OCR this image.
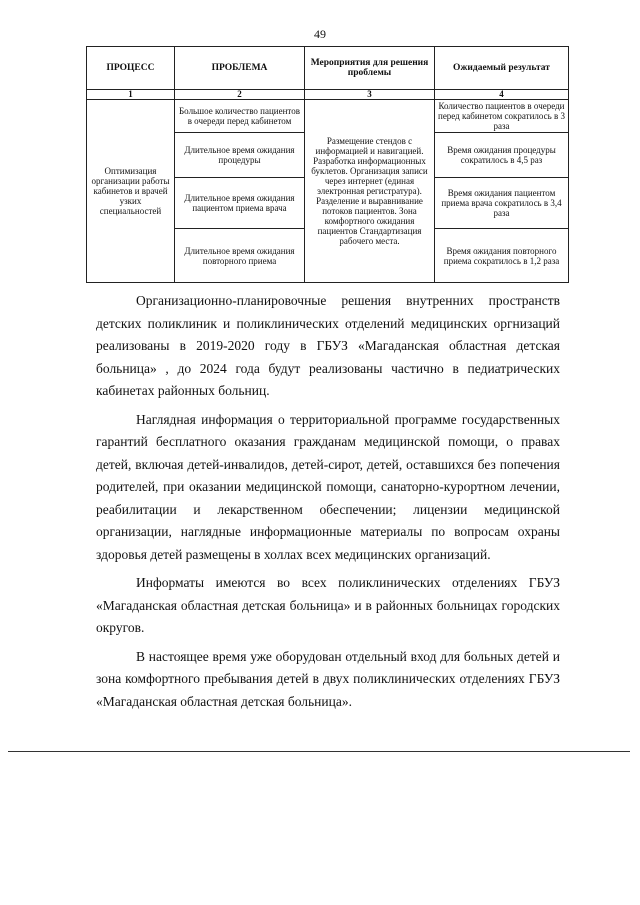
49
ПРОЦЕСС	ПРОБЛЕМА	Мероприятия для решения проблемы	Ожидаемый результат
1	2	3	4
Оптимизация организации работы кабинетов и врачей узких специальностей	Большое количество пациентов в очереди перед кабинетом	Размещение стендов с информацией и навигацией. Разработка информационных буклетов. Организация записи через интернет (единая электронная регистратура). Разделение и выравнивание потоков пациентов. Зона комфортного ожидания пациентов Стандартизация рабочего места.	Количество пациентов в очереди перед кабинетом сократилось в 3 раза
	Длительное время ожидания процедуры		Время ожидания процедуры сократилось в 4,5 раз
	Длительное время ожидания пациентом приема врача		Время ожидания пациентом приема врача сократилось в 3,4 раза
	Длительное время ожидания повторного приема		Время ожидания повторного приема сократилось в 1,2 раза

Организационно-планировочные решения внутренних пространств детских поликлиник и поликлинических отделений медицинских оргнизаций реализованы в 2019-2020 году в ГБУЗ «Магаданская областная детская больница» , до 2024 года будут реализованы частично в педиатрических кабинетах районных больниц.

Наглядная информация о территориальной программе государственных гарантий бесплатного оказания гражданам медицинской помощи, о правах детей, включая детей-инвалидов, детей-сирот, детей, оставшихся без попечения родителей, при оказании медицинской помощи, санаторно-курортном лечении, реабилитации и лекарственном обеспечении; лицензии медицинской организации, наглядные информационные материалы по вопросам охраны здоровья детей размещены в холлах всех медицинских организаций.

Информаты имеются во всех поликлинических отделениях ГБУЗ «Магаданская областная детская больница» и в районных больницах городских округов.

В настоящее время уже оборудован отдельный вход для больных детей и зона комфортного пребывания детей в двух поликлинических отделениях ГБУЗ «Магаданская областная детская больница».
